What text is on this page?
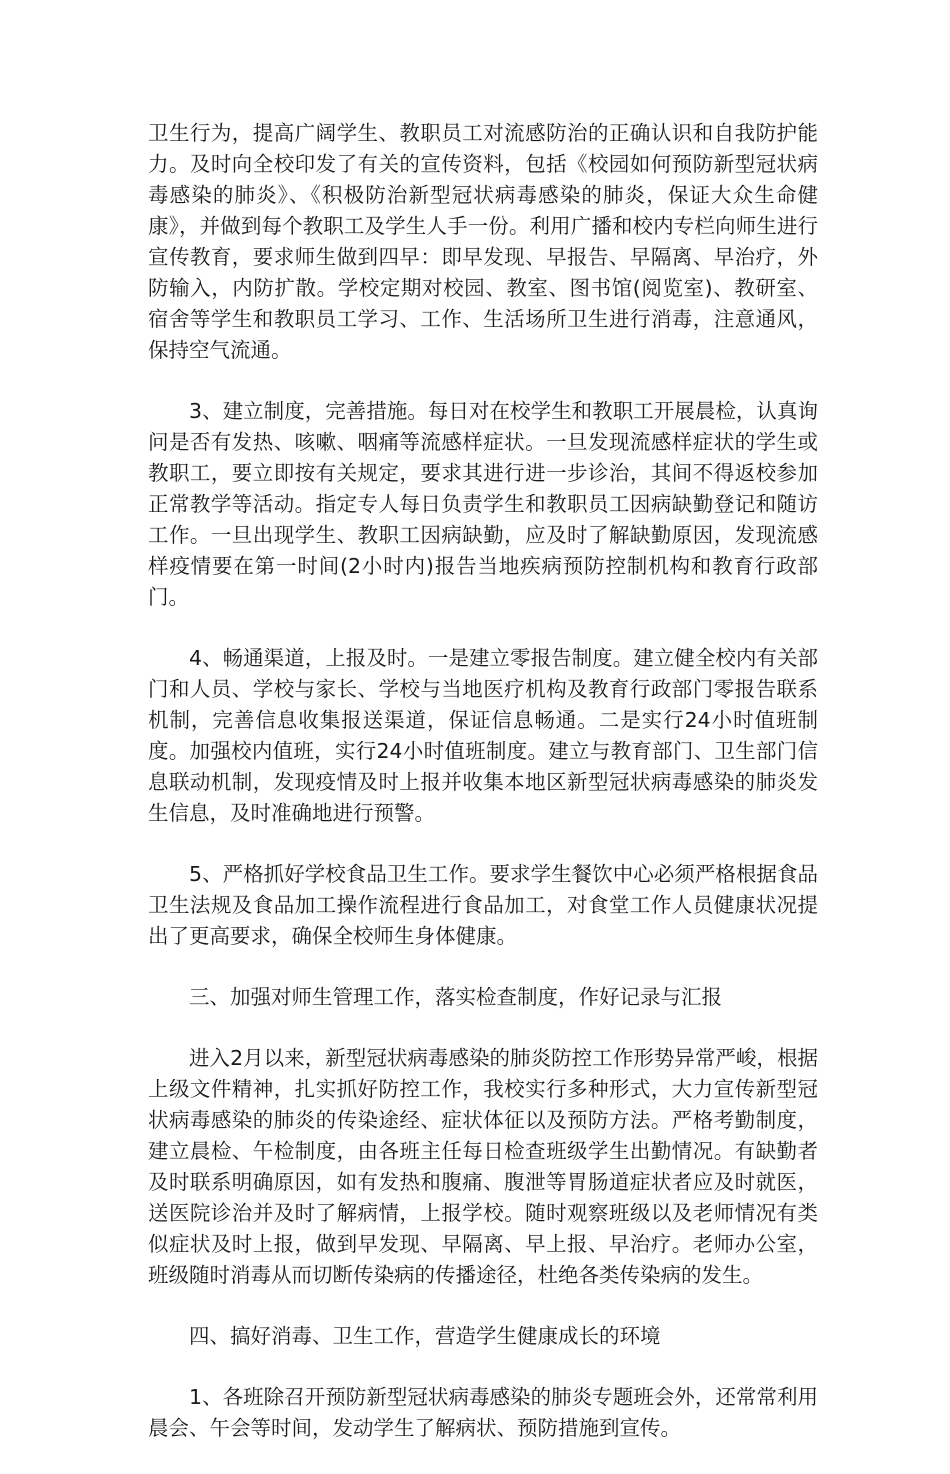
卫生行为，提高广阔学生、教职员工对流感防治的正确认识和自我防护能力。及时向全校印发了有关的宣传资料，包括《校园如何预防新型冠状病毒感染的肺炎》、《积极防治新型冠状病毒感染的肺炎，保证大众生命健康》，并做到每个教职工及学生人手一份。利用广播和校内专栏向师生进行宣传教育，要求师生做到四早：即早发现、早报告、早隔离、早治疗，外防输入，内防扩散。学校定期对校园、教室、图书馆(阅览室)、教研室、宿舍等学生和教职员工学习、工作、生活场所卫生进行消毒，注意通风，保持空气流通。

3、建立制度，完善措施。每日对在校学生和教职工开展晨检，认真询问是否有发热、咳嗽、咽痛等流感样症状。一旦发现流感样症状的学生或教职工，要立即按有关规定，要求其进行进一步诊治，其间不得返校参加正常教学等活动。指定专人每日负责学生和教职员工因病缺勤登记和随访工作。一旦出现学生、教职工因病缺勤，应及时了解缺勤原因，发现流感样疫情要在第一时间(2小时内)报告当地疾病预防控制机构和教育行政部门。

4、畅通渠道，上报及时。一是建立零报告制度。建立健全校内有关部门和人员、学校与家长、学校与当地医疗机构及教育行政部门零报告联系机制，完善信息收集报送渠道，保证信息畅通。二是实行24小时值班制度。加强校内值班，实行24小时值班制度。建立与教育部门、卫生部门信息联动机制，发现疫情及时上报并收集本地区新型冠状病毒感染的肺炎发生信息，及时准确地进行预警。

5、严格抓好学校食品卫生工作。要求学生餐饮中心必须严格根据食品卫生法规及食品加工操作流程进行食品加工，对食堂工作人员健康状况提出了更高要求，确保全校师生身体健康。

三、加强对师生管理工作，落实检查制度，作好记录与汇报

进入2月以来，新型冠状病毒感染的肺炎防控工作形势异常严峻，根据上级文件精神，扎实抓好防控工作，我校实行多种形式，大力宣传新型冠状病毒感染的肺炎的传染途经、症状体征以及预防方法。严格考勤制度，建立晨检、午检制度，由各班主任每日检查班级学生出勤情况。有缺勤者及时联系明确原因，如有发热和腹痛、腹泄等胃肠道症状者应及时就医，送医院诊治并及时了解病情，上报学校。随时观察班级以及老师情况有类似症状及时上报，做到早发现、早隔离、早上报、早治疗。老师办公室，班级随时消毒从而切断传染病的传播途径，杜绝各类传染病的发生。

四、搞好消毒、卫生工作，营造学生健康成长的环境

1、各班除召开预防新型冠状病毒感染的肺炎专题班会外，还常常利用晨会、午会等时间，发动学生了解病状、预防措施到宣传。
